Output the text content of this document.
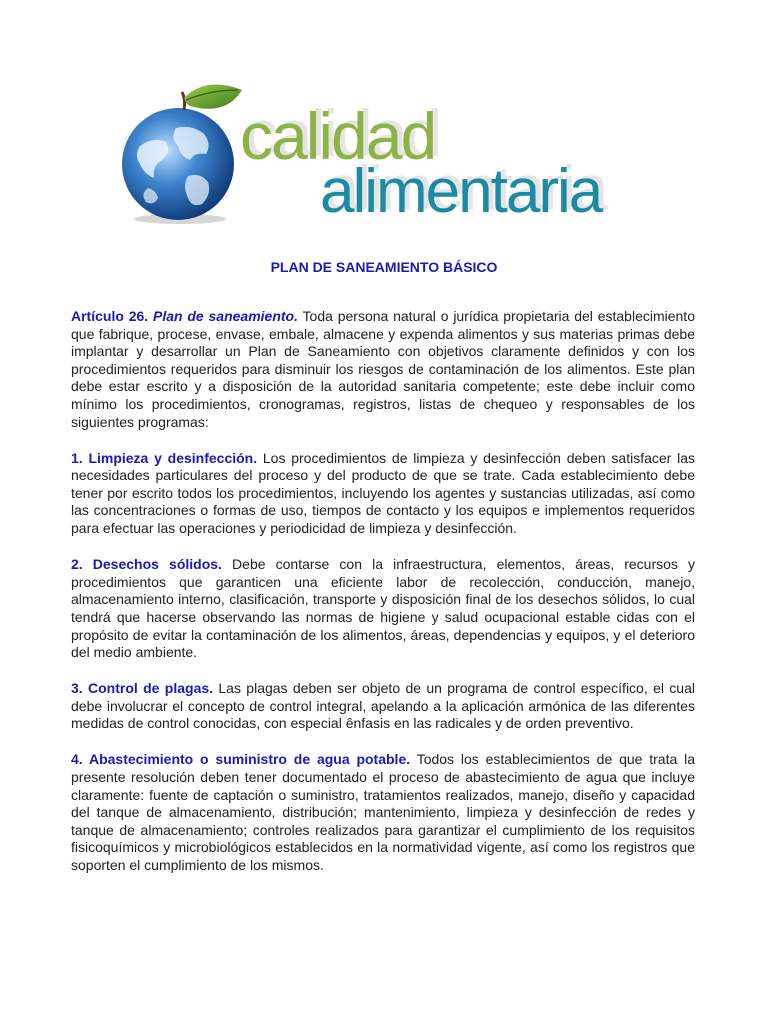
calidad
alimentaria
PLAN DE SANEAMIENTO BÁSICO

Artículo 26. Plan de saneamiento. Toda persona natural o jurídica propietaria del establecimiento que fabrique, procese, envase, embale, almacene y expenda alimentos y sus materias primas debe implantar y desarrollar un Plan de Saneamiento con objetivos claramente definidos y con los procedimientos requeridos para disminuir los riesgos de contaminación de los alimentos. Este plan debe estar escrito y a disposición de la autoridad sanitaria competente; este debe incluir como mínimo los procedimientos, cronogramas, registros, listas de chequeo y responsables de los siguientes programas:

1. Limpieza y desinfección. Los procedimientos de limpieza y desinfección deben satisfacer las necesidades particulares del proceso y del producto de que se trate. Cada establecimiento debe tener por escrito todos los procedimientos, incluyendo los agentes y sustancias utilizadas, así como las concentraciones o formas de uso, tiempos de contacto y los equipos e implementos requeridos para efectuar las operaciones y periodicidad de limpieza y desinfección.

2. Desechos sólidos. Debe contarse con la infraestructura, elementos, áreas, recursos y procedimientos que garanticen una eficiente labor de recolección, conducción, manejo, almacenamiento interno, clasificación, transporte y disposición final de los desechos sólidos, lo cual tendrá que hacerse observando las normas de higiene y salud ocupacional estable cidas con el propósito de evitar la contaminación de los alimentos, áreas, dependencias y equipos, y el deterioro del medio ambiente.

3. Control de plagas. Las plagas deben ser objeto de un programa de control específico, el cual debe involucrar el concepto de control integral, apelando a la aplicación armónica de las diferentes medidas de control conocidas, con especial ênfasis en las radicales y de orden preventivo.

4. Abastecimiento o suministro de agua potable. Todos los establecimientos de que trata la presente resolución deben tener documentado el proceso de abastecimiento de agua que incluye claramente: fuente de captación o suministro, tratamientos realizados, manejo, diseño y capacidad del tanque de almacenamiento, distribución; mantenimiento, limpieza y desinfección de redes y tanque de almacenamiento; controles realizados para garantizar el cumplimiento de los requisitos fisicoquímicos y microbiológicos establecidos en la normatividad vigente, así como los registros que soporten el cumplimiento de los mismos.
